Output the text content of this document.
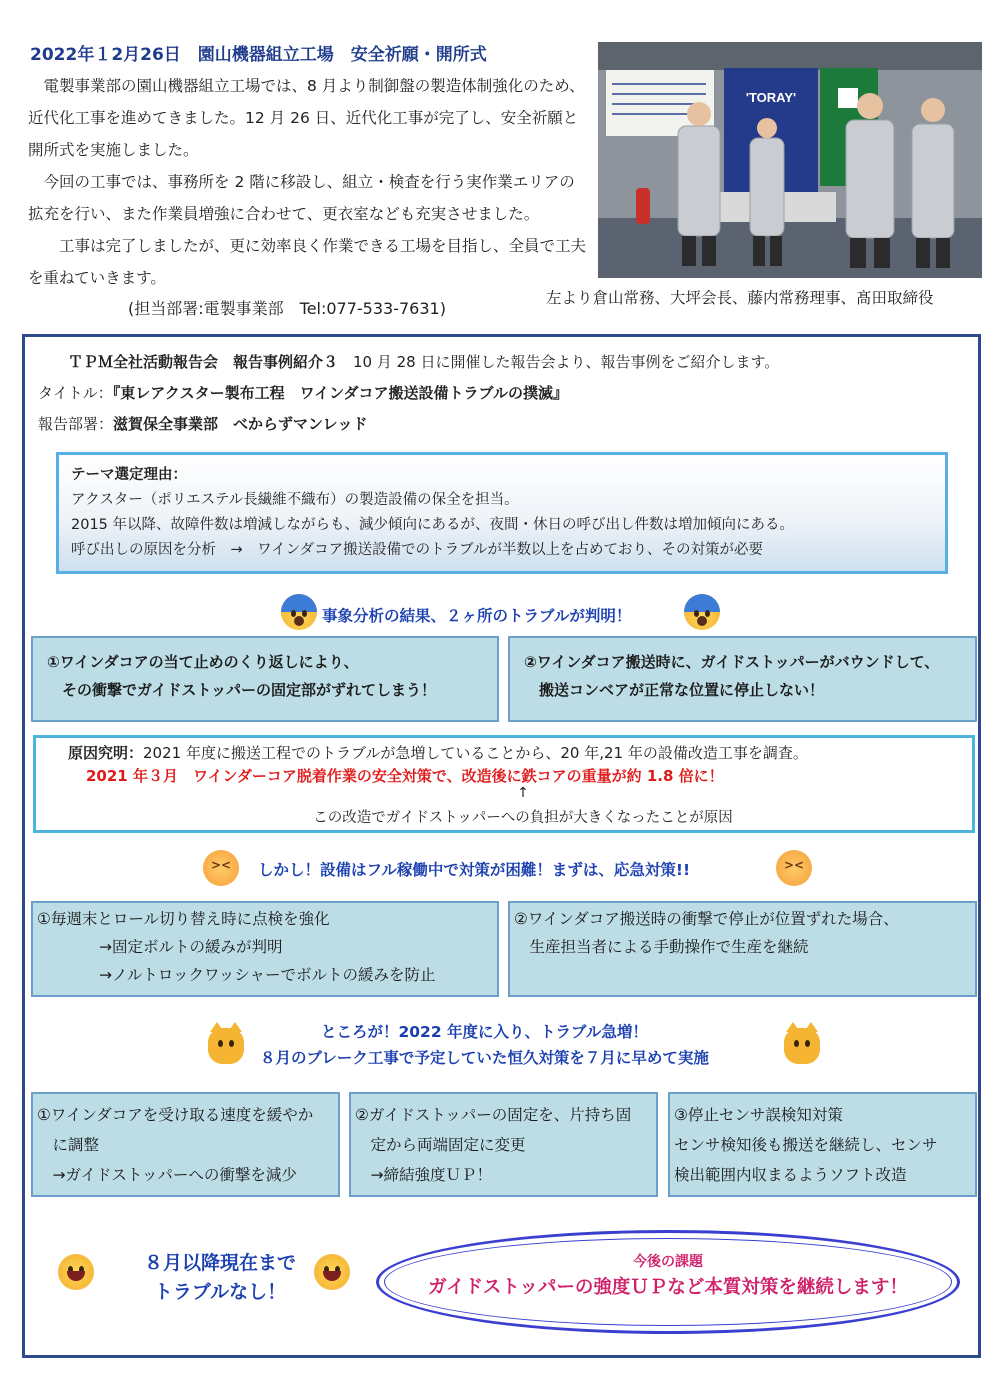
2022年１2月26日　園山機器組立工場　安全祈願・開所式

　電製事業部の園山機器組立工場では、8 月より制御盤の製造体制強化のため、近代化工事を進めてきました。12 月 26 日、近代化工事が完了し、安全祈願と開所式を実施しました。

　今回の工事では、事務所を 2 階に移設し、組立・検査を行う実作業エリアの拡充を行い、また作業員増強に合わせて、更衣室なども充実させました。

　　工事は完了しましたが、更に効率良く作業できる工場を目指し、全員で工夫を重ねていきます。

(担当部署:電製事業部　Tel:077-533-7631)
'TORAY'
左より倉山常務、大坪会長、藤内常務理事、髙田取締役
ＴＰＭ全社活動報告会　報告事例紹介３　10 月 28 日に開催した報告会より、報告事例をご紹介します。
タイトル：『東レアクスター製布工程　ワインダコア搬送設備トラブルの撲滅』
報告部署：滋賀保全事業部　べからずマンレッド
テーマ選定理由：
アクスター（ポリエステル長繊維不織布）の製造設備の保全を担当。
2015 年以降、故障件数は増減しながらも、減少傾向にあるが、夜間・休日の呼び出し件数は増加傾向にある。
呼び出しの原因を分析　→　ワインダコア搬送設備でのトラブルが半数以上を占めており、その対策が必要
事象分析の結果、２ヶ所のトラブルが判明！
①ワインダコアの当て止めのくり返しにより、
　その衝撃でガイドストッパーの固定部がずれてしまう！
②ワインダコア搬送時に、ガイドストッパーがバウンドして、
　搬送コンベアが正常な位置に停止しない！
原因究明：2021 年度に搬送工程でのトラブルが急増していることから、20 年,21 年の設備改造工事を調査。
2021 年３月　ワインダーコア脱着作業の安全対策で、改造後に鉄コアの重量が約 1.8 倍に！
↑
この改造でガイドストッパーへの負担が大きくなったことが原因
><
しかし！設備はフル稼働中で対策が困難！まずは、応急対策!!
><
①毎週末とロール切り替え時に点検を強化
　　　　→固定ボルトの緩みが判明
　　　　→ノルトロックワッシャーでボルトの緩みを防止
②ワインダコア搬送時の衝撃で停止が位置ずれた場合、
　生産担当者による手動操作で生産を継続
ところが！2022 年度に入り、トラブル急増！
８月のブレーク工事で予定していた恒久対策を７月に早めて実施
①ワインダコアを受け取る速度を緩やか
　に調整
　→ガイドストッパーへの衝撃を減少
②ガイドストッパーの固定を、片持ち固
　定から両端固定に変更
　→締結強度ＵＰ！
③停止センサ誤検知対策
センサ検知後も搬送を継続し、センサ
検出範囲内収まるようソフト改造
８月以降現在まで
トラブルなし！
今後の課題
ガイドストッパーの強度ＵＰなど本質対策を継続します！
